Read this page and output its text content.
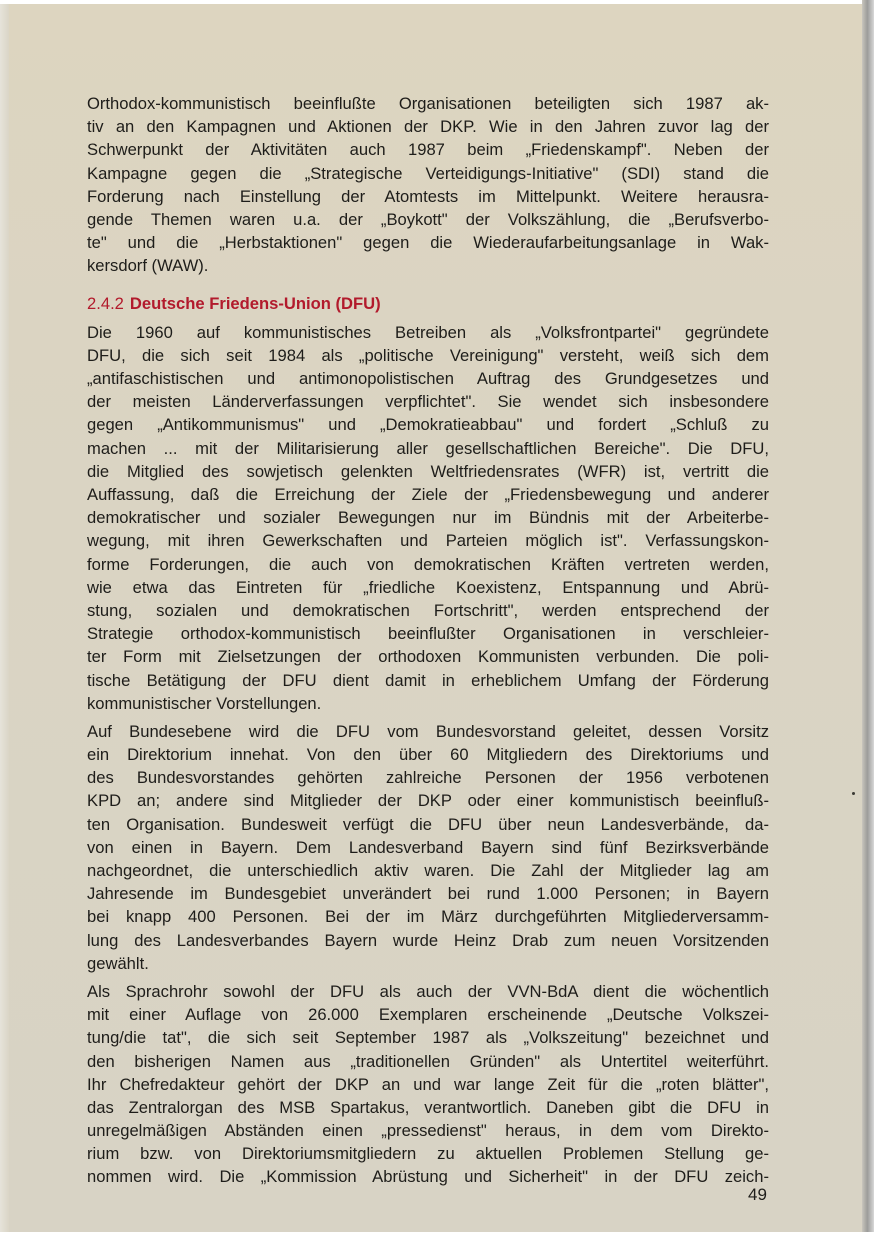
Orthodox-kommunistisch beeinflußte Organisationen beteiligten sich 1987 ak-
tiv an den Kampagnen und Aktionen der DKP. Wie in den Jahren zuvor lag der
Schwerpunkt der Aktivitäten auch 1987 beim „Friedenskampf". Neben der
Kampagne gegen die „Strategische Verteidigungs-Initiative" (SDI) stand die
Forderung nach Einstellung der Atomtests im Mittelpunkt. Weitere herausra-
gende Themen waren u.a. der „Boykott" der Volkszählung, die „Berufsverbo-
te" und die „Herbstaktionen" gegen die Wiederaufarbeitungsanlage in Wak-
kersdorf (WAW).

2.4.2 Deutsche Friedens-Union (DFU)

Die 1960 auf kommunistisches Betreiben als „Volksfrontpartei" gegründete
DFU, die sich seit 1984 als „politische Vereinigung" versteht, weiß sich dem
„antifaschistischen und antimonopolistischen Auftrag des Grundgesetzes und
der meisten Länderverfassungen verpflichtet". Sie wendet sich insbesondere
gegen „Antikommunismus" und „Demokratieabbau" und fordert „Schluß zu
machen ... mit der Militarisierung aller gesellschaftlichen Bereiche". Die DFU,
die Mitglied des sowjetisch gelenkten Weltfriedensrates (WFR) ist, vertritt die
Auffassung, daß die Erreichung der Ziele der „Friedensbewegung und anderer
demokratischer und sozialer Bewegungen nur im Bündnis mit der Arbeiterbe-
wegung, mit ihren Gewerkschaften und Parteien möglich ist". Verfassungskon-
forme Forderungen, die auch von demokratischen Kräften vertreten werden,
wie etwa das Eintreten für „friedliche Koexistenz, Entspannung und Abrü-
stung, sozialen und demokratischen Fortschritt", werden entsprechend der
Strategie orthodox-kommunistisch beeinflußter Organisationen in verschleier-
ter Form mit Zielsetzungen der orthodoxen Kommunisten verbunden. Die poli-
tische Betätigung der DFU dient damit in erheblichem Umfang der Förderung
kommunistischer Vorstellungen.

Auf Bundesebene wird die DFU vom Bundesvorstand geleitet, dessen Vorsitz
ein Direktorium innehat. Von den über 60 Mitgliedern des Direktoriums und
des Bundesvorstandes gehörten zahlreiche Personen der 1956 verbotenen
KPD an; andere sind Mitglieder der DKP oder einer kommunistisch beeinfluß-
ten Organisation. Bundesweit verfügt die DFU über neun Landesverbände, da-
von einen in Bayern. Dem Landesverband Bayern sind fünf Bezirksverbände
nachgeordnet, die unterschiedlich aktiv waren. Die Zahl der Mitglieder lag am
Jahresende im Bundesgebiet unverändert bei rund 1.000 Personen; in Bayern
bei knapp 400 Personen. Bei der im März durchgeführten Mitgliederversamm-
lung des Landesverbandes Bayern wurde Heinz Drab zum neuen Vorsitzenden
gewählt.

Als Sprachrohr sowohl der DFU als auch der VVN-BdA dient die wöchentlich
mit einer Auflage von 26.000 Exemplaren erscheinende „Deutsche Volkszei-
tung/die tat", die sich seit September 1987 als „Volkszeitung" bezeichnet und
den bisherigen Namen aus „traditionellen Gründen" als Untertitel weiterführt.
Ihr Chefredakteur gehört der DKP an und war lange Zeit für die „roten blätter",
das Zentralorgan des MSB Spartakus, verantwortlich. Daneben gibt die DFU in
unregelmäßigen Abständen einen „pressedienst" heraus, in dem vom Direkto-
rium bzw. von Direktoriumsmitgliedern zu aktuellen Problemen Stellung ge-
nommen wird. Die „Kommission Abrüstung und Sicherheit" in der DFU zeich-

49
